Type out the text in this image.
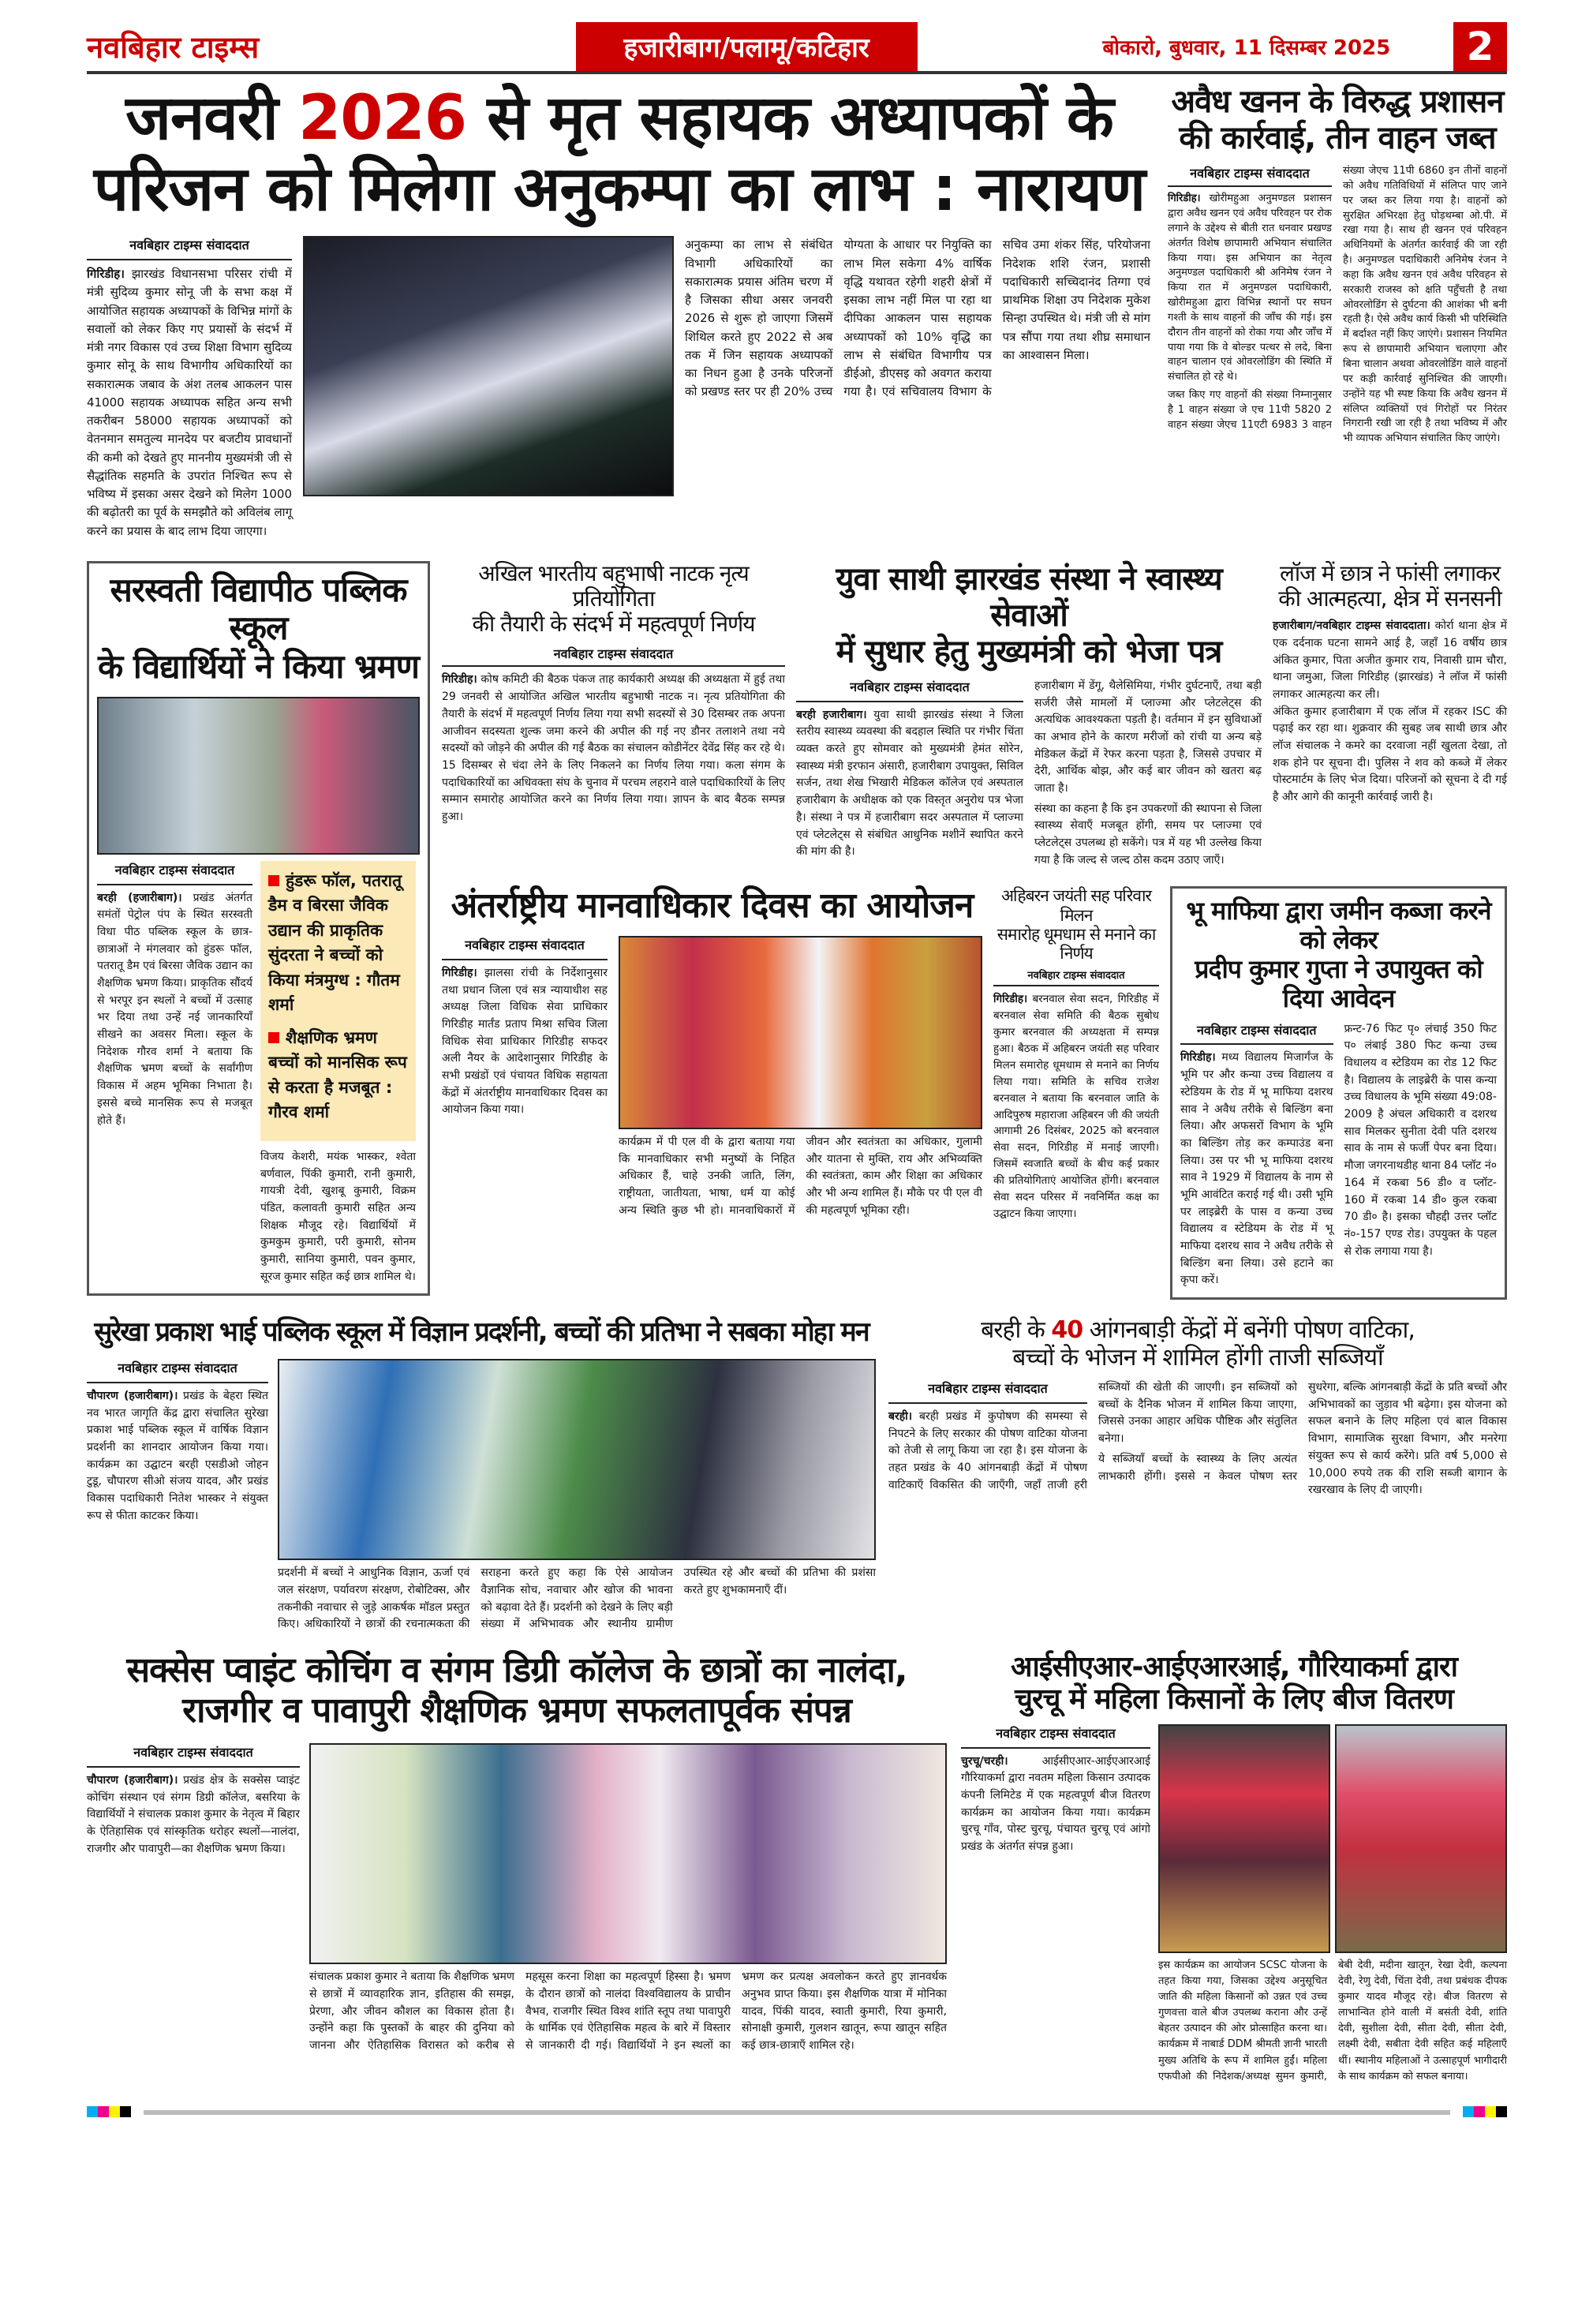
नवबिहार टाइम्स	हजारीबाग/पलामू/कटिहार	बोकारो, बुधवार, 11 दिसम्बर 2025	2
जनवरी 2026 से मृत सहायक अध्यापकों के
परिजन को मिलेगा अनुकम्पा का लाभ : नारायण
नवबिहार टाइम्स संवाददात

गिरिडीह। झारखंड विधानसभा परिसर रांची में मंत्री सुदिव्य कुमार सोनू जी के सभा कक्ष में आयोजित सहायक अध्यापकों के विभिन्न मांगों के सवालों को लेकर किए गए प्रयासों के संदर्भ में मंत्री नगर विकास एवं उच्च शिक्षा विभाग सुदिव्य कुमार सोनू के साथ विभागीय अधिकारियों का सकारात्मक जबाव के अंश तलब आकलन पास 41000 सहायक अध्यापक सहित अन्य सभी तकरीबन 58000 सहायक अध्यापकों को वेतनमान समतुल्य मानदेय पर बजटीय प्रावधानों की कमी को देखते हुए माननीय मुख्यमंत्री जी से सैद्धांतिक सहमति के उपरांत निश्चित रूप से भविष्य में इसका असर देखने को मिलेग 1000 की बढ़ोतरी का पूर्व के समझौते को अविलंब लागू करने का प्रयास के बाद लाभ दिया जाएगा।

अनुकम्पा का लाभ से संबंधित विभागी अधिकारियों का सकारात्मक प्रयास अंतिम चरण में है जिसका सीधा असर जनवरी 2026 से शुरू हो जाएगा जिसमें शिथिल करते हुए 2022 से अब तक में जिन सहायक अध्यापकों का निधन हुआ है उनके परिजनों को प्रखण्ड स्तर पर ही 20% उच्च योग्यता के आधार पर नियुक्ति का लाभ मिल सकेगा 4% वार्षिक वृद्धि यथावत रहेगी शहरी क्षेत्रों में इसका लाभ नहीं मिल पा रहा था दीपिका आकलन पास सहायक अध्यापकों को 10% वृद्धि का लाभ से संबंधित विभागीय पत्र डीईओ, डीएसइ को अवगत कराया गया है। एवं सचिवालय विभाग के सचिव उमा शंकर सिंह, परियोजना निदेशक शशि रंजन, प्रशासी पदाधिकारी सच्चिदानंद तिग्गा एवं प्राथमिक शिक्षा उप निदेशक मुकेश सिन्हा उपस्थित थे। मंत्री जी से मांग पत्र सौंपा गया तथा शीघ्र समाधान का आश्वासन मिला।

अवैध खनन के विरुद्ध प्रशासन
की कार्रवाई, तीन वाहन जब्त
नवबिहार टाइम्स संवाददात

गिरिडीह। खोरीमहुआ अनुमण्डल प्रशासन द्वारा अवैध खनन एवं अवैध परिवहन पर रोक लगाने के उद्देश्य से बीती रात धनवार प्रखण्ड अंतर्गत विशेष छापामारी अभियान संचालित किया गया। इस अभियान का नेतृत्व अनुमण्डल पदाधिकारी श्री अनिमेष रंजन ने किया रात में अनुमण्डल पदाधिकारी, खोरीमहुआ द्वारा विभिन्न स्थानों पर सघन गश्ती के साथ वाहनों की जाँच की गई। इस दौरान तीन वाहनों को रोका गया और जाँच में पाया गया कि वे बोल्डर पत्थर से लदे, बिना वाहन चालान एवं ओवरलोडिंग की स्थिति में संचालित हो रहे थे।

जब्त किए गए वाहनों की संख्या निम्नानुसार है 1 वाहन संख्या जे एच 11पी 5820 2 वाहन संख्या जेएच 11एटी 6983 3 वाहन संख्या जेएच 11पी 6860 इन तीनों वाहनों को अवैध गतिविधियों में संलिप्त पाए जाने पर जब्त कर लिया गया है। वाहनों को सुरक्षित अभिरक्षा हेतु घोड़थम्बा ओ.पी. में रखा गया है। साथ ही खनन एवं परिवहन अधिनियमों के अंतर्गत कार्रवाई की जा रही है। अनुमण्डल पदाधिकारी अनिमेष रंजन ने कहा कि अवैध खनन एवं अवैध परिवहन से सरकारी राजस्व को क्षति पहुँचती है तथा ओवरलोडिंग से दुर्घटना की आशंका भी बनी रहती है। ऐसे अवैध कार्य किसी भी परिस्थिति में बर्दाश्त नहीं किए जाएंगे। प्रशासन नियमित रूप से छापामारी अभियान चलाएगा और बिना चालान अथवा ओवरलोडिंग वाले वाहनों पर कड़ी कार्रवाई सुनिश्चित की जाएगी। उन्होंने यह भी स्पष्ट किया कि अवैध खनन में संलिप्त व्यक्तियों एवं गिरोहों पर निरंतर निगरानी रखी जा रही है तथा भविष्य में और भी व्यापक अभियान संचालित किए जाएंगे।

सरस्वती विद्यापीठ पब्लिक स्कूल
के विद्यार्थियों ने किया भ्रमण
नवबिहार टाइम्स संवाददात

बरही (हजारीबाग)। प्रखंड अंतर्गत समंतों पेट्रोल पंप के स्थित सरस्वती विधा पीठ पब्लिक स्कूल के छात्र-छात्राओं ने मंगलवार को हुंडरू फॉल, पतरातू डैम एवं बिरसा जैविक उद्यान का शैक्षणिक भ्रमण किया। प्राकृतिक सौंदर्य से भरपूर इन स्थलों ने बच्चों में उत्साह भर दिया तथा उन्हें नई जानकारियाँ सीखने का अवसर मिला। स्कूल के निदेशक गौरव शर्मा ने बताया कि शैक्षणिक भ्रमण बच्चों के सर्वांगीण विकास में अहम भूमिका निभाता है। इससे बच्चे मानसिक रूप से मजबूत होते हैं।

हुंडरू फॉल, पतरातू डैम व बिरसा जैविक उद्यान की प्राकृतिक सुंदरता ने बच्चों को किया मंत्रमुग्ध : गौतम शर्मा

शैक्षणिक भ्रमण बच्चों को मानसिक रूप से करता है मजबूत : गौरव शर्मा

विजय केशरी, मयंक भास्कर, श्वेता बर्णवाल, पिंकी कुमारी, रानी कुमारी, गायत्री देवी, खुशबू कुमारी, विक्रम पंडित, कलावती कुमारी सहित अन्य शिक्षक मौजूद रहे। विद्यार्थियों में कुमकुम कुमारी, परी कुमारी, सोनम कुमारी, सानिया कुमारी, पवन कुमार, सूरज कुमार सहित कई छात्र शामिल थे।

अखिल भारतीय बहुभाषी नाटक नृत्य प्रतियोगिता
की तैयारी के संदर्भ में महत्वपूर्ण निर्णय
नवबिहार टाइम्स संवाददात

गिरिडीह। कोष कमिटी की बैठक पंकज ताह कार्यकारी अध्यक्ष की अध्यक्षता में हुई तथा 29 जनवरी से आयोजित अखिल भारतीय बहुभाषी नाटक न। नृत्य प्रतियोगिता की तैयारी के संदर्भ में महत्वपूर्ण निर्णय लिया गया सभी सदस्यों से 30 दिसम्बर तक अपना आजीवन सदस्यता शुल्क जमा करने की अपील की गई नए डौनर तलाशने तथा नये सदस्यों को जोड़ने की अपील की गई बैठक का संचालन कोडीनेंटर देवेंद्र सिंह कर रहे थे। 15 दिसम्बर से चंदा लेने के लिए निकलने का निर्णय लिया गया। कला संगम के पदाधिकारियों का अधिवक्ता संघ के चुनाव में परचम लहराने वाले पदाधिकारियों के लिए सम्मान समारोह आयोजित करने का निर्णय लिया गया। ज्ञापन के बाद बैठक सम्पन्न हुआ।

युवा साथी झारखंड संस्था ने स्वास्थ्य सेवाओं
में सुधार हेतु मुख्यमंत्री को भेजा पत्र
नवबिहार टाइम्स संवाददात

बरही हजारीबाग। युवा साथी झारखंड संस्था ने जिला स्तरीय स्वास्थ्य व्यवस्था की बदहाल स्थिति पर गंभीर चिंता व्यक्त करते हुए सोमवार को मुख्यमंत्री हेमंत सोरेन, स्वास्थ्य मंत्री इरफान अंसारी, हजारीबाग उपायुक्त, सिविल सर्जन, तथा शेख भिखारी मेडिकल कॉलेज एवं अस्पताल हजारीबाग के अधीक्षक को एक विस्तृत अनुरोध पत्र भेजा है। संस्था ने पत्र में हजारीबाग सदर अस्पताल में प्लाज्मा एवं प्लेटलेट्स से संबंधित आधुनिक मशीनें स्थापित करने की मांग की है।

हजारीबाग में डेंगू, थैलेसिमिया, गंभीर दुर्घटनाएँ, तथा बड़ी सर्जरी जैसे मामलों में प्लाज्मा और प्लेटलेट्स की अत्यधिक आवश्यकता पड़ती है। वर्तमान में इन सुविधाओं का अभाव होने के कारण मरीजों को रांची या अन्य बड़े मेडिकल केंद्रों में रेफर करना पड़ता है, जिससे उपचार में देरी, आर्थिक बोझ, और कई बार जीवन को खतरा बढ़ जाता है।

संस्था का कहना है कि इन उपकरणों की स्थापना से जिला स्वास्थ्य सेवाएँ मजबूत होंगी, समय पर प्लाज्मा एवं प्लेटलेट्स उपलब्ध हो सकेंगे। पत्र में यह भी उल्लेख किया गया है कि जल्द से जल्द ठोस कदम उठाए जाएँ।

लॉज में छात्र ने फांसी लगाकर
की आत्महत्या, क्षेत्र में सनसनी

हजारीबाग/नवबिहार टाइम्स संवाददाता। कोर्रा थाना क्षेत्र में एक दर्दनाक घटना सामने आई है, जहाँ 16 वर्षीय छात्र अंकित कुमार, पिता अजीत कुमार राय, निवासी ग्राम चौरा, थाना जमुआ, जिला गिरिडीह (झारखंड) ने लॉज में फांसी लगाकर आत्महत्या कर ली।

अंकित कुमार हजारीबाग में एक लॉज में रहकर ISC की पढ़ाई कर रहा था। शुक्रवार की सुबह जब साथी छात्र और लॉज संचालक ने कमरे का दरवाजा नहीं खुलता देखा, तो शक होने पर सूचना दी। पुलिस ने शव को कब्जे में लेकर पोस्टमार्टम के लिए भेज दिया। परिजनों को सूचना दे दी गई है और आगे की कानूनी कार्रवाई जारी है।

अंतर्राष्ट्रीय मानवाधिकार दिवस का आयोजन
नवबिहार टाइम्स संवाददात

गिरिडीह। झालसा रांची के निर्देशानुसार तथा प्रधान जिला एवं सत्र न्यायाधीश सह अध्यक्ष जिला विधिक सेवा प्राधिकार गिरिडीह मार्तंड प्रताप मिश्रा सचिव जिला विधिक सेवा प्राधिकार गिरिडीह सफदर अली नैयर के आदेशानुसार गिरिडीह के सभी प्रखंडों एवं पंचायत विधिक सहायता केंद्रों में अंतर्राष्ट्रीय मानवाधिकार दिवस का आयोजन किया गया।

कार्यक्रम में पी एल वी के द्वारा बताया गया कि मानवाधिकार सभी मनुष्यों के निहित अधिकार हैं, चाहे उनकी जाति, लिंग, राष्ट्रीयता, जातीयता, भाषा, धर्म या कोई अन्य स्थिति कुछ भी हो। मानवाधिकारों में जीवन और स्वतंत्रता का अधिकार, गुलामी और यातना से मुक्ति, राय और अभिव्यक्ति की स्वतंत्रता, काम और शिक्षा का अधिकार और भी अन्य शामिल हैं। मौके पर पी एल वी की महत्वपूर्ण भूमिका रही।

अहिबरन जयंती सह परिवार मिलन
समारोह धूमधाम से मनाने का निर्णय
नवबिहार टाइम्स संवाददात

गिरिडीह। बरनवाल सेवा सदन, गिरिडीह में बरनवाल सेवा समिति की बैठक सुबोध कुमार बरनवाल की अध्यक्षता में सम्पन्न हुआ। बैठक में अहिबरन जयंती सह परिवार मिलन समारोह धूमधाम से मनाने का निर्णय लिया गया। समिति के सचिव राजेश बरनवाल ने बताया कि बरनवाल जाति के आदिपुरुष महाराजा अहिबरन जी की जयंती आगामी 26 दिसंबर, 2025 को बरनवाल सेवा सदन, गिरिडीह में मनाई जाएगी। जिसमें स्वजाति बच्चों के बीच कई प्रकार की प्रतियोगिताएं आयोजित होंगी। बरनवाल सेवा सदन परिसर में नवनिर्मित कक्ष का उद्घाटन किया जाएगा।

भू माफिया द्वारा जमीन कब्जा करने को लेकर
प्रदीप कुमार गुप्ता ने उपायुक्त को दिया आवेदन
नवबिहार टाइम्स संवाददात

गिरिडीह। मध्य विद्यालय मिजार्गंज के भूमि पर और कन्या उच्च विद्यालय व स्टेडियम के रोड में भू माफिया दशरथ साव ने अवैध तरीके से बिल्डिंग बना लिया। और अफसरों विभाग के भूमि का बिल्डिंग तोड़ कर कम्पाउंड बना लिया। उस पर भी भू माफिया दशरथ साव ने 1929 में विद्यालय के नाम से भूमि आवंटित कराई गई थी। उसी भूमि पर लाइब्रेरी के पास व कन्या उच्च विद्यालय व स्टेडियम के रोड में भू माफिया दशरथ साव ने अवैध तरीके से बिल्डिंग बना लिया। उसे हटाने का कृपा करें।

फ्रन्ट-76 फिट पृ० लंचाई 350 फिट प० लंबाई 380 फिट कन्या उच्च विधालय व स्टेडियम का रोड 12 फिट है। विद्यालय के लाइब्रेरी के पास कन्या उच्च विधालय के भूमि संख्या 49:08-2009 है अंचल अधिकारी व दशरथ साव मिलकर सुनीता देवी पति दशरथ साव के नाम से फर्जी पेपर बना दिया। मौजा जगरनाथडीह थाना 84 प्लॉट नं० 164 में रकबा 56 डी० व प्लॉट- 160 में रकबा 14 डी० कुल रकबा 70 डी० है। इसका चौहद्दी उत्तर प्लॉट नं०-157 एण्ड रोड। उपयुक्त के पहल से रोक लगाया गया है।

सुरेखा प्रकाश भाई पब्लिक स्कूल में विज्ञान प्रदर्शनी, बच्चों की प्रतिभा ने सबका मोहा मन
नवबिहार टाइम्स संवाददात

चौपारण (हजारीबाग)। प्रखंड के बेहरा स्थित नव भारत जागृति केंद्र द्वारा संचालित सुरेखा प्रकाश भाई पब्लिक स्कूल में वार्षिक विज्ञान प्रदर्शनी का शानदार आयोजन किया गया। कार्यक्रम का उद्घाटन बरही एसडीओ जोहन टुडू, चौपारण सीओ संजय यादव, और प्रखंड विकास पदाधिकारी नितेश भास्कर ने संयुक्त रूप से फीता काटकर किया।

प्रदर्शनी में बच्चों ने आधुनिक विज्ञान, ऊर्जा एवं जल संरक्षण, पर्यावरण संरक्षण, रोबोटिक्स, और तकनीकी नवाचार से जुड़े आकर्षक मॉडल प्रस्तुत किए। अधिकारियों ने छात्रों की रचनात्मकता की सराहना करते हुए कहा कि ऐसे आयोजन वैज्ञानिक सोच, नवाचार और खोज की भावना को बढ़ावा देते हैं। प्रदर्शनी को देखने के लिए बड़ी संख्या में अभिभावक और स्थानीय ग्रामीण उपस्थित रहे और बच्चों की प्रतिभा की प्रशंसा करते हुए शुभकामनाएँ दीं।

बरही के 40 आंगनबाड़ी केंद्रों में बनेंगी पोषण वाटिका,
बच्चों के भोजन में शामिल होंगी ताजी सब्जियाँ
नवबिहार टाइम्स संवाददात

बरही। बरही प्रखंड में कुपोषण की समस्या से निपटने के लिए सरकार की पोषण वाटिका योजना को तेजी से लागू किया जा रहा है। इस योजना के तहत प्रखंड के 40 आंगनबाड़ी केंद्रों में पोषण वाटिकाएँ विकसित की जाएँगी, जहाँ ताजी हरी सब्जियों की खेती की जाएगी। इन सब्जियों को बच्चों के दैनिक भोजन में शामिल किया जाएगा, जिससे उनका आहार अधिक पौष्टिक और संतुलित बनेगा।

ये सब्जियाँ बच्चों के स्वास्थ्य के लिए अत्यंत लाभकारी होंगी। इससे न केवल पोषण स्तर सुधरेगा, बल्कि आंगनबाड़ी केंद्रों के प्रति बच्चों और अभिभावकों का जुड़ाव भी बढ़ेगा। इस योजना को सफल बनाने के लिए महिला एवं बाल विकास विभाग, सामाजिक सुरक्षा विभाग, और मनरेगा संयुक्त रूप से कार्य करेंगे। प्रति वर्ष 5,000 से 10,000 रुपये तक की राशि सब्जी बागान के रखरखाव के लिए दी जाएगी।

सक्सेस प्वाइंट कोचिंग व संगम डिग्री कॉलेज के छात्रों का नालंदा,
राजगीर व पावापुरी शैक्षणिक भ्रमण सफलतापूर्वक संपन्न
नवबिहार टाइम्स संवाददात

चौपारण (हजारीबाग)। प्रखंड क्षेत्र के सक्सेस प्वाइंट कोचिंग संस्थान एवं संगम डिग्री कॉलेज, बसरिया के विद्यार्थियों ने संचालक प्रकाश कुमार के नेतृत्व में बिहार के ऐतिहासिक एवं सांस्कृतिक धरोहर स्थलों—नालंदा, राजगीर और पावापुरी—का शैक्षणिक भ्रमण किया।

संचालक प्रकाश कुमार ने बताया कि शैक्षणिक भ्रमण से छात्रों में व्यावहारिक ज्ञान, इतिहास की समझ, प्रेरणा, और जीवन कौशल का विकास होता है। उन्होंने कहा कि पुस्तकों के बाहर की दुनिया को जानना और ऐतिहासिक विरासत को करीब से महसूस करना शिक्षा का महत्वपूर्ण हिस्सा है। भ्रमण के दौरान छात्रों को नालंदा विश्वविद्यालय के प्राचीन वैभव, राजगीर स्थित विश्व शांति स्तूप तथा पावापुरी के धार्मिक एवं ऐतिहासिक महत्व के बारे में विस्तार से जानकारी दी गई। विद्यार्थियों ने इन स्थलों का भ्रमण कर प्रत्यक्ष अवलोकन करते हुए ज्ञानवर्धक अनुभव प्राप्त किया। इस शैक्षणिक यात्रा में मोनिका यादव, पिंकी यादव, स्वाती कुमारी, रिया कुमारी, सोनाक्षी कुमारी, गुलशन खातून, रूपा खातून सहित कई छात्र-छात्राएँ शामिल रहे।

आईसीएआर-आईएआरआई, गौरियाकर्मा द्वारा
चुरचू में महिला किसानों के लिए बीज वितरण
नवबिहार टाइम्स संवाददात

चुरचू/चरही। आईसीएआर-आईएआरआई गौरियाकर्मा द्वारा नवतम महिला किसान उत्पादक कंपनी लिमिटेड में एक महत्वपूर्ण बीज वितरण कार्यक्रम का आयोजन किया गया। कार्यक्रम चुरचू गाँव, पोस्ट चुरचू, पंचायत चुरचू एवं आंगो प्रखंड के अंतर्गत संपन्न हुआ।

इस कार्यक्रम का आयोजन SCSC योजना के तहत किया गया, जिसका उद्देश्य अनुसूचित जाति की महिला किसानों को उन्नत एवं उच्च गुणवत्ता वाले बीज उपलब्ध कराना और उन्हें बेहतर उत्पादन की ओर प्रोत्साहित करना था। कार्यक्रम में नाबार्ड DDM श्रीमती ज्ञानी भारती मुख्य अतिथि के रूप में शामिल हुईं। महिला एफपीओ की निदेशक/अध्यक्ष सुमन कुमारी, बेबी देवी, मदीना खातून, रेखा देवी, कल्पना देवी, रेणु देवी, चिंता देवी, तथा प्रबंधक दीपक कुमार यादव मौजूद रहे। बीज वितरण से लाभान्वित होने वाली में बसंती देवी, शांति देवी, सुशीला देवी, सीता देवी, सीता देवी, लक्ष्मी देवी, सबीता देवी सहित कई महिलाएँ थीं। स्थानीय महिलाओं ने उत्साहपूर्ण भागीदारी के साथ कार्यक्रम को सफल बनाया।
